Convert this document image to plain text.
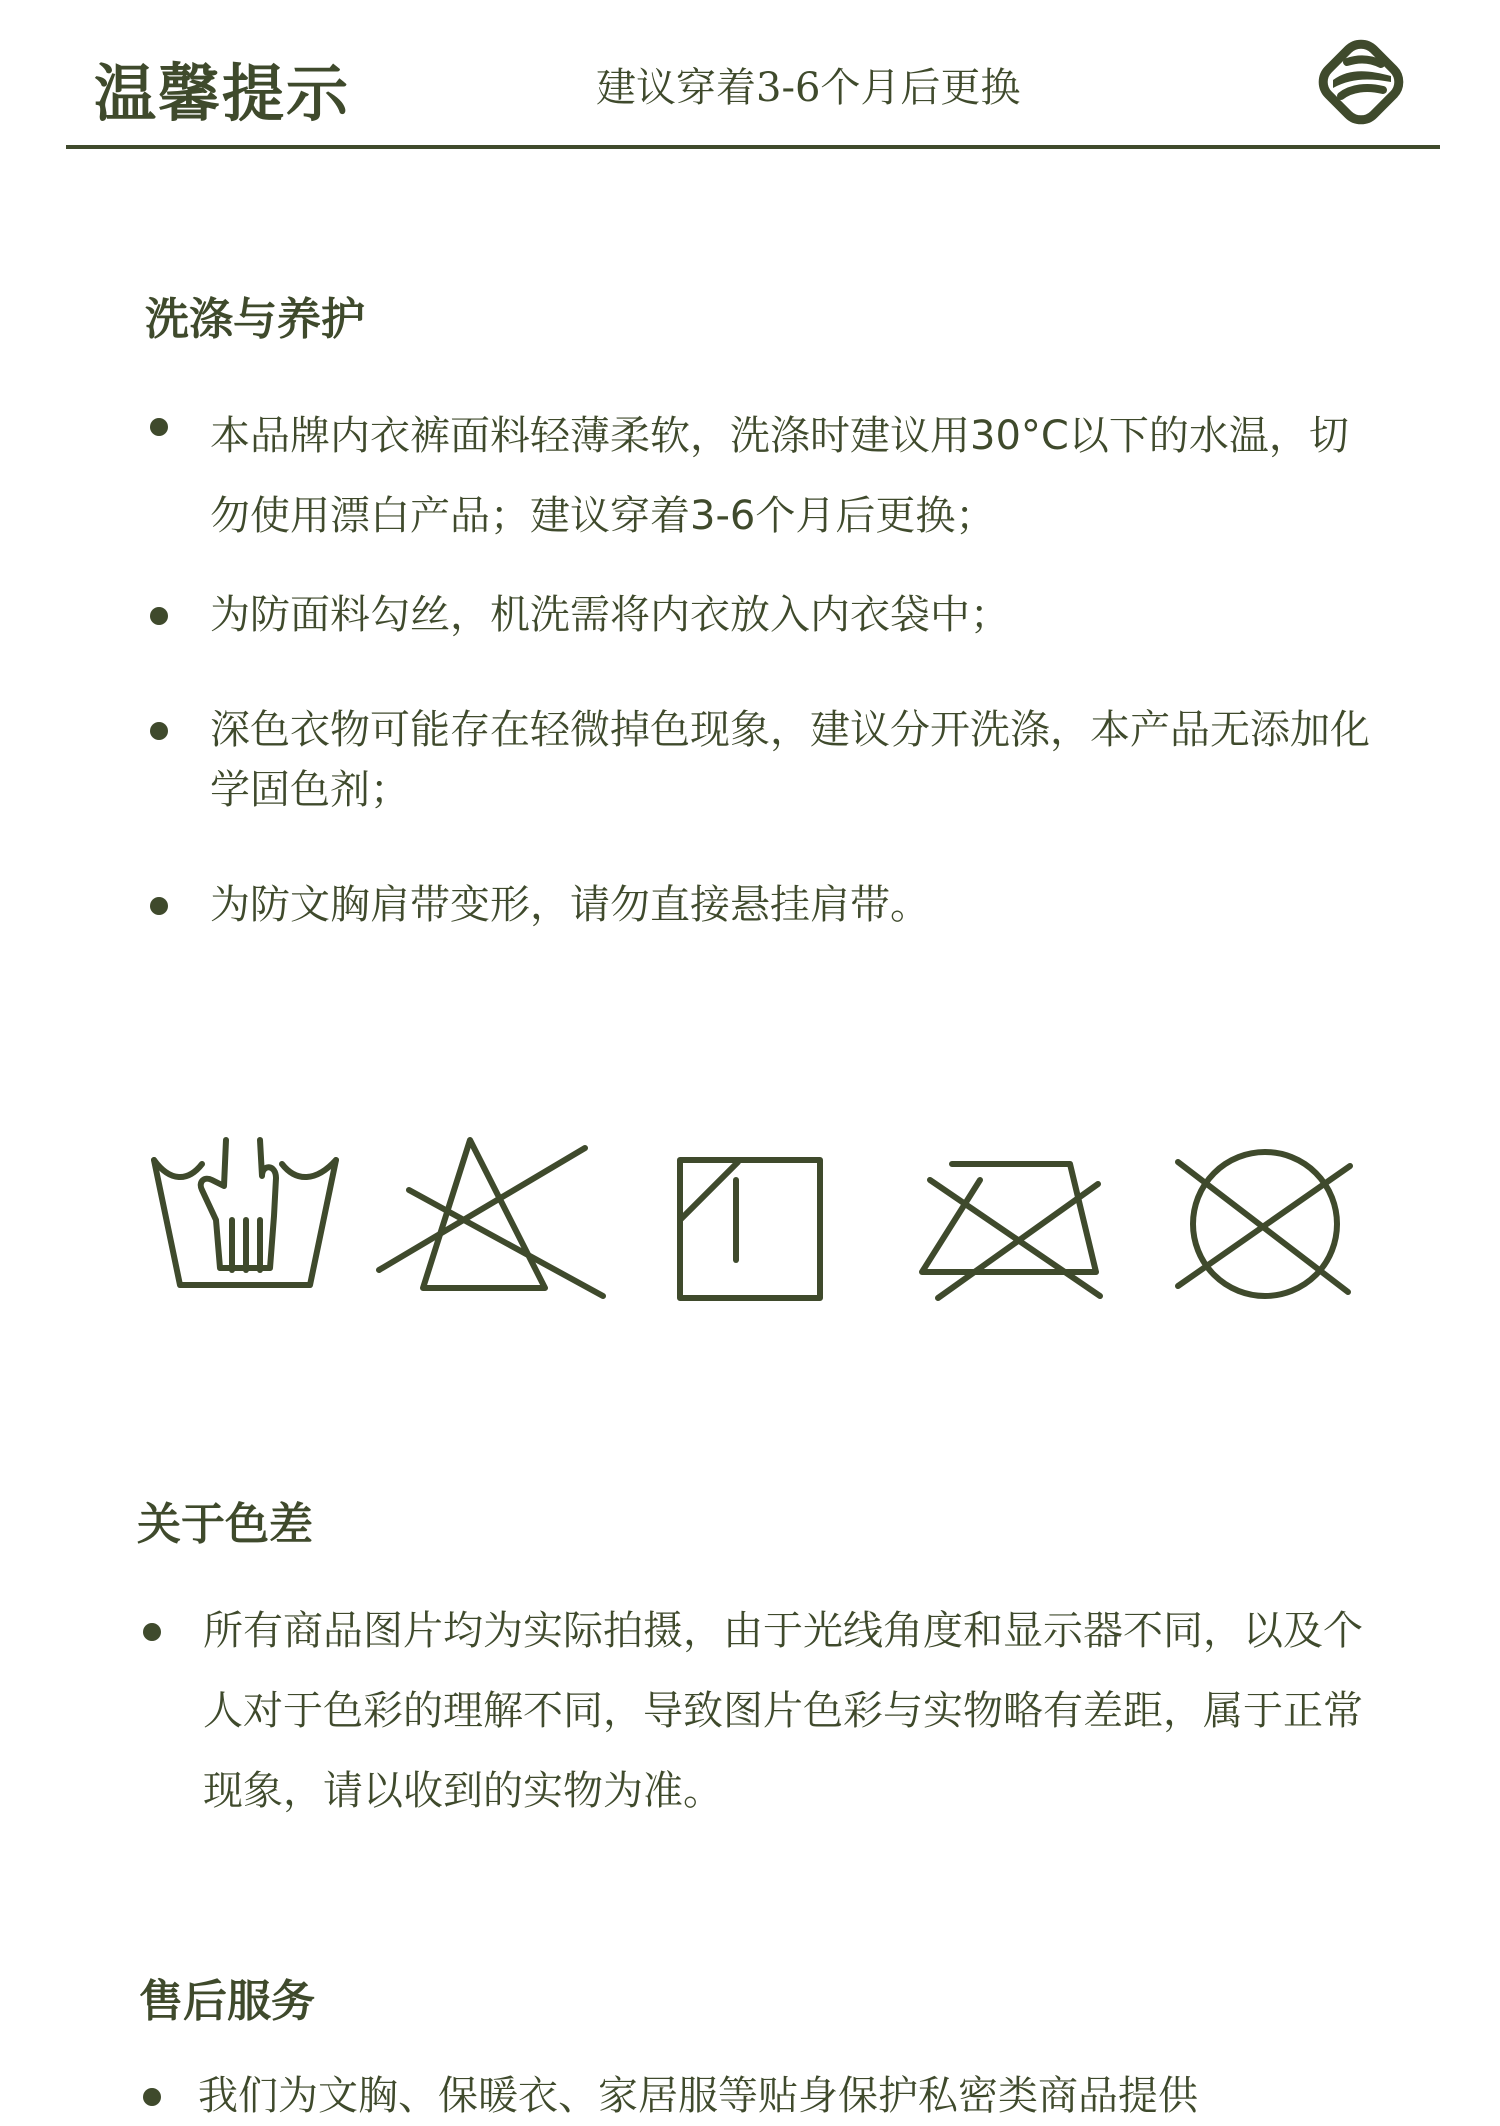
温馨提示	建议穿着3-6个月后更换
洗涤与养护
本品牌内衣裤面料轻薄柔软，洗涤时建议用30°C以下的水温，切勿使用漂白产品；建议穿着3-6个月后更换；
为防面料勾丝，机洗需将内衣放入内衣袋中；
深色衣物可能存在轻微掉色现象，建议分开洗涤，本产品无添加化学固色剂；
为防文胸肩带变形，请勿直接悬挂肩带。
关于色差
所有商品图片均为实际拍摄，由于光线角度和显示器不同，以及个人对于色彩的理解不同，导致图片色彩与实物略有差距，属于正常现象，请以收到的实物为准。
售后服务
我们为文胸、保暖衣、家居服等贴身保护私密类商品提供
